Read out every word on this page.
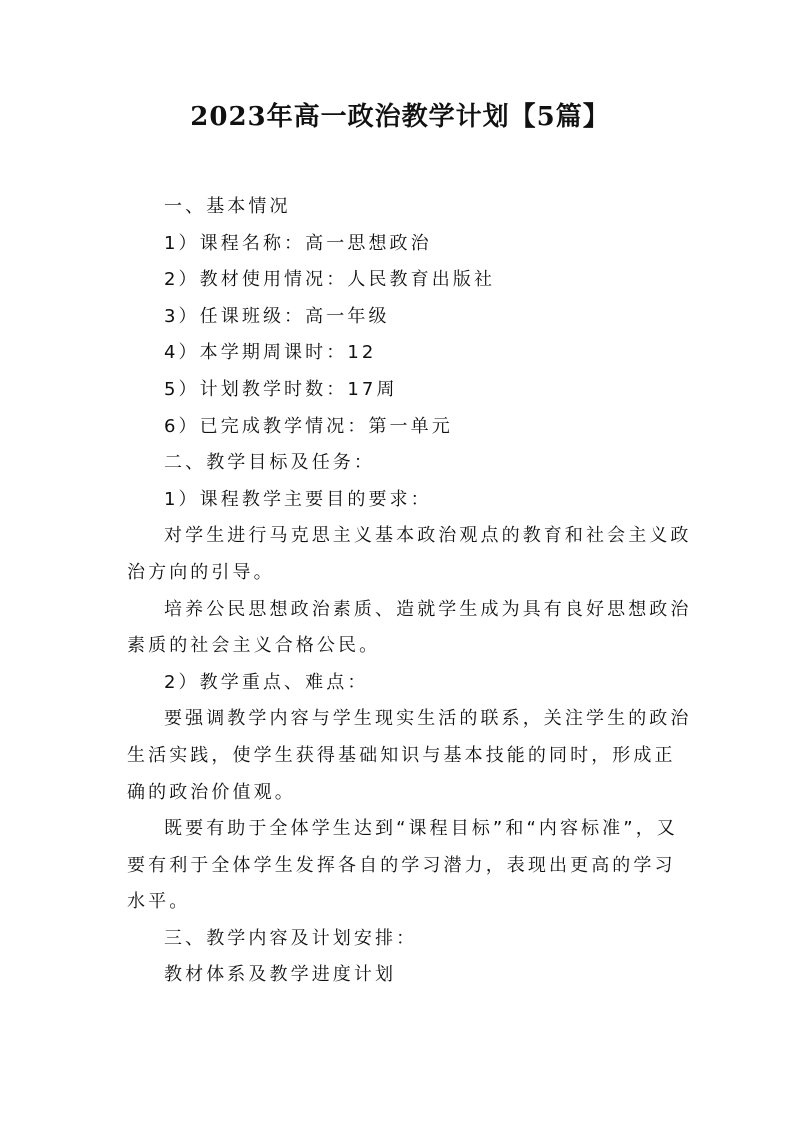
2023年高一政治教学计划【5篇】

一、基本情况

1）课程名称：高一思想政治

2）教材使用情况：人民教育出版社

3）任课班级：高一年级

4）本学期周课时：12

5）计划教学时数：17周

6）已完成教学情况：第一单元

二、教学目标及任务：

1）课程教学主要目的要求：

对学生进行马克思主义基本政治观点的教育和社会主义政治方向的引导。

培养公民思想政治素质、造就学生成为具有良好思想政治素质的社会主义合格公民。

2）教学重点、难点：

要强调教学内容与学生现实生活的联系，关注学生的政治生活实践，使学生获得基础知识与基本技能的同时，形成正确的政治价值观。

既要有助于全体学生达到“课程目标”和“内容标准”，又要有利于全体学生发挥各自的学习潜力，表现出更高的学习水平。

三、教学内容及计划安排：

教材体系及教学进度计划
